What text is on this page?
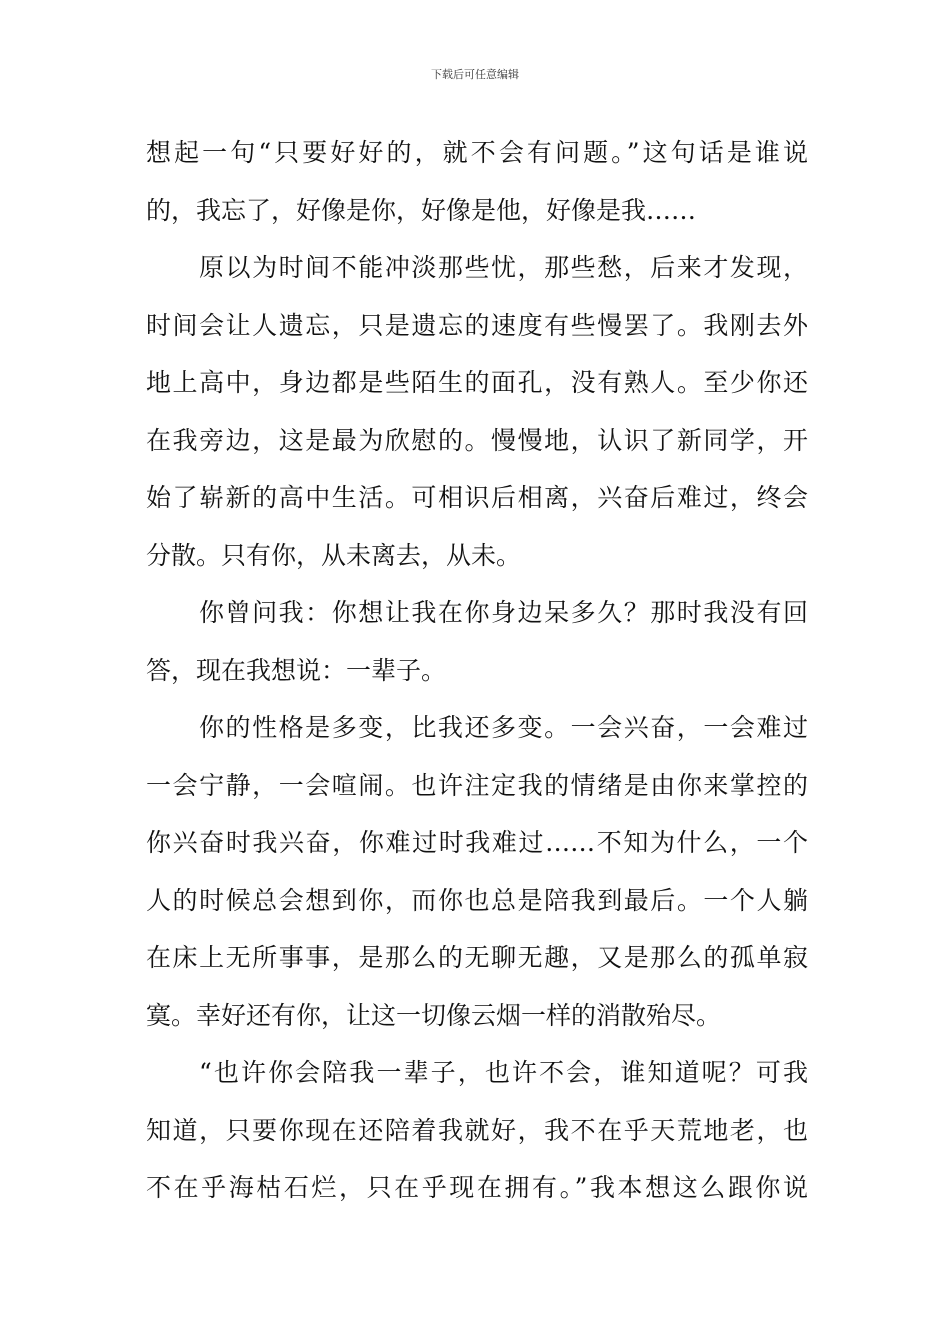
下载后可任意编辑
想起一句“只要好好的，就不会有问题。”这句话是谁说
的，我忘了，好像是你，好像是他，好像是我……
原以为时间不能冲淡那些忧，那些愁，后来才发现，
时间会让人遗忘，只是遗忘的速度有些慢罢了。我刚去外
地上高中，身边都是些陌生的面孔，没有熟人。至少你还
在我旁边，这是最为欣慰的。慢慢地，认识了新同学，开
始了崭新的高中生活。可相识后相离，兴奋后难过，终会
分散。只有你，从未离去，从未。
你曾问我：你想让我在你身边呆多久？那时我没有回
答，现在我想说：一辈子。
你的性格是多变，比我还多变。一会兴奋，一会难过
一会宁静，一会喧闹。也许注定我的情绪是由你来掌控的
你兴奋时我兴奋，你难过时我难过……不知为什么，一个
人的时候总会想到你，而你也总是陪我到最后。一个人躺
在床上无所事事，是那么的无聊无趣，又是那么的孤单寂
寞。幸好还有你，让这一切像云烟一样的消散殆尽。
“也许你会陪我一辈子，也许不会，谁知道呢？可我
知道，只要你现在还陪着我就好，我不在乎天荒地老，也
不在乎海枯石烂，只在乎现在拥有。”我本想这么跟你说
